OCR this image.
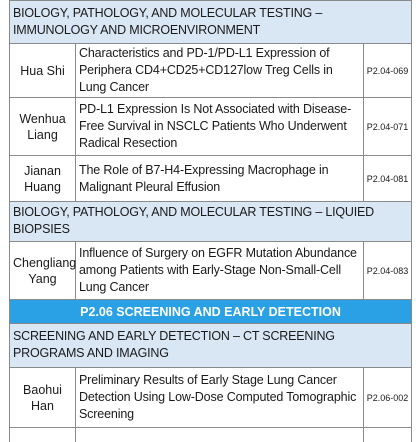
BIOLOGY, PATHOLOGY, AND MOLECULAR TESTING – IMMUNOLOGY AND MICROENVIRONMENT		
Hua Shi	Characteristics and PD-1/PD-L1 Expression of Periphera CD4+CD25+CD127low Treg Cells in Lung Cancer	P2.04-069
Wenhua Liang	PD-L1 Expression Is Not Associated with Disease-Free Survival in NSCLC Patients Who Underwent Radical Resection	P2.04-071
Jianan Huang	The Role of B7-H4-Expressing Macrophage in Malignant Pleural Effusion	P2.04-081
BIOLOGY, PATHOLOGY, AND MOLECULAR TESTING – LIQUIED BIOPSIES		
Chengliang Yang	Influence of Surgery on EGFR Mutation Abundance among Patients with Early-Stage Non-Small-Cell Lung Cancer	P2.04-083
P2.06 SCREENING AND EARLY DETECTION		
SCREENING AND EARLY DETECTION – CT SCREENING PROGRAMS AND IMAGING		
Baohui Han	Preliminary Results of Early Stage Lung Cancer Detection Using Low-Dose Computed Tomographic Screening	P2.06-002
